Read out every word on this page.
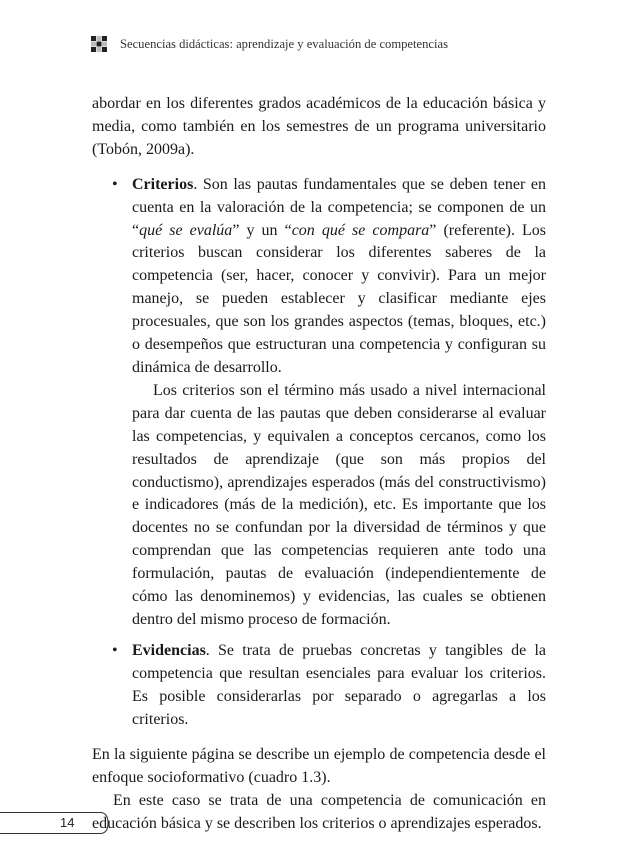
Secuencias didácticas: aprendizaje y evaluación de competencias

abordar en los diferentes grados académicos de la educación básica y media, como también en los semestres de un programa universitario (Tobón, 2009a).

• Criterios. Son las pautas fundamentales que se deben tener en cuenta en la valoración de la competencia; se componen de un “qué se evalúa” y un “con qué se compara” (referente). Los criterios buscan considerar los diferentes saberes de la competencia (ser, hacer, conocer y convivir). Para un mejor manejo, se pueden establecer y clasificar mediante ejes procesuales, que son los grandes aspectos (temas, bloques, etc.) o desempeños que estructuran una competencia y configuran su dinámica de desarrollo.

Los criterios son el término más usado a nivel internacional para dar cuenta de las pautas que deben considerarse al evaluar las competencias, y equivalen a conceptos cercanos, como los resultados de aprendizaje (que son más propios del conductismo), aprendizajes esperados (más del constructivismo) e indicadores (más de la medición), etc. Es importante que los docentes no se confundan por la diversidad de términos y que comprendan que las competencias requieren ante todo una formulación, pautas de evaluación (independientemente de cómo las denominemos) y evidencias, las cuales se obtienen dentro del mismo proceso de formación.

• Evidencias. Se trata de pruebas concretas y tangibles de la competencia que resultan esenciales para evaluar los criterios. Es posible considerarlas por separado o agregarlas a los criterios.

En la siguiente página se describe un ejemplo de competencia desde el enfoque socioformativo (cuadro 1.3).

En este caso se trata de una competencia de comunicación en educación básica y se describen los criterios o aprendizajes esperados.

14
